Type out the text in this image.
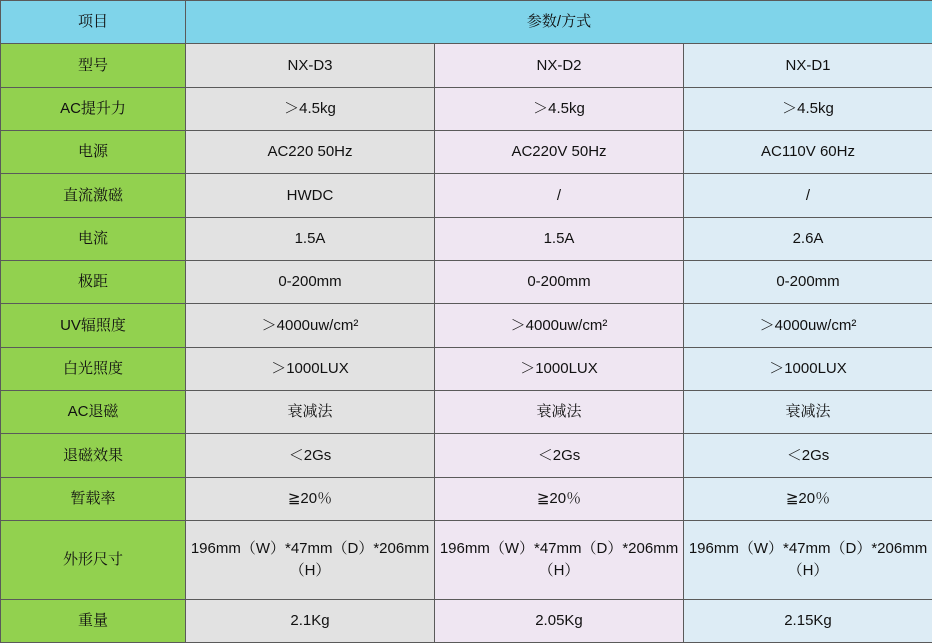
项目	参数/方式		
型号	NX-D3	NX-D2	NX-D1
AC提升力	＞4.5kg	＞4.5kg	＞4.5kg
电源	AC220 50Hz	AC220V 50Hz	AC110V 60Hz
直流激磁	HWDC	/	/
电流	1.5A	1.5A	2.6A
极距	0-200mm	0-200mm	0-200mm
UV辐照度	＞4000uw/cm²	＞4000uw/cm²	＞4000uw/cm²
白光照度	＞1000LUX	＞1000LUX	＞1000LUX
AC退磁	衰减法	衰减法	衰减法
退磁效果	＜2Gs	＜2Gs	＜2Gs
暂载率	≧20％	≧20％	≧20％
外形尺寸	196mm（W）*47mm（D）*206mm（H）	196mm（W）*47mm（D）*206mm（H）	196mm（W）*47mm（D）*206mm（H）
重量	2.1Kg	2.05Kg	2.15Kg
